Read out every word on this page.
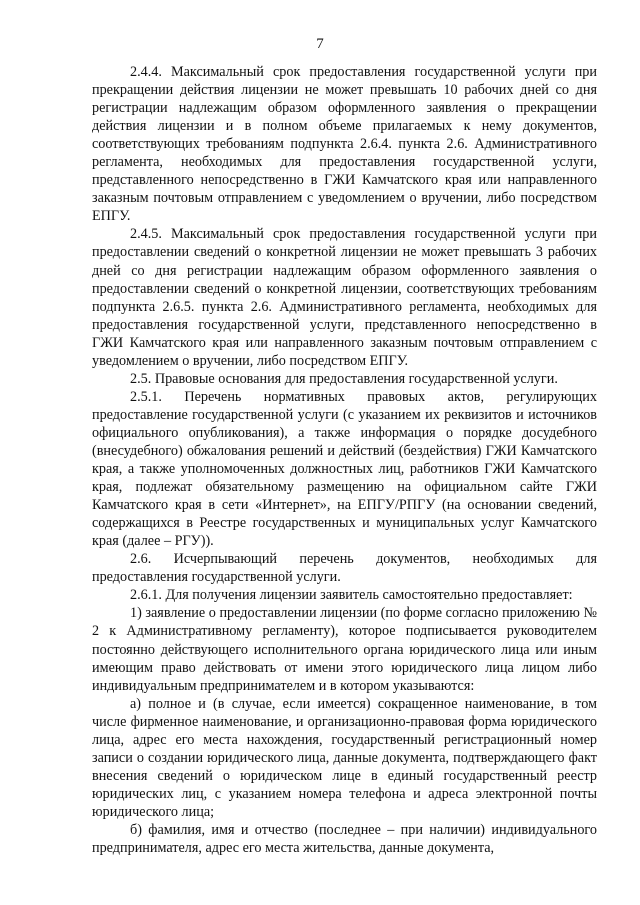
7

2.4.4. Максимальный срок предоставления государственной услуги при прекращении действия лицензии не может превышать 10 рабочих дней со дня регистрации надлежащим образом оформленного заявления о прекращении действия лицензии и в полном объеме прилагаемых к нему документов, соответствующих требованиям подпункта 2.6.4. пункта 2.6. Административного регламента, необходимых для предоставления государственной услуги, представленного непосредственно в ГЖИ Камчатского края или направленного заказным почтовым отправлением с уведомлением о вручении, либо посредством ЕПГУ.

2.4.5. Максимальный срок предоставления государственной услуги при предоставлении сведений о конкретной лицензии не может превышать 3 рабочих дней со дня регистрации надлежащим образом оформленного заявления о предоставлении сведений о конкретной лицензии, соответствующих требованиям подпункта 2.6.5. пункта 2.6. Административного регламента, необходимых для предоставления государственной услуги, представленного непосредственно в ГЖИ Камчатского края или направленного заказным почтовым отправлением с уведомлением о вручении, либо посредством ЕПГУ.

2.5. Правовые основания для предоставления государственной услуги.

2.5.1. Перечень нормативных правовых актов, регулирующих предоставление государственной услуги (с указанием их реквизитов и источников официального опубликования), а также информация о порядке досудебного (внесудебного) обжалования решений и действий (бездействия) ГЖИ Камчатского края, а также уполномоченных должностных лиц, работников ГЖИ Камчатского края, подлежат обязательному размещению на официальном сайте ГЖИ Камчатского края в сети «Интернет», на ЕПГУ/РПГУ (на основании сведений, содержащихся в Реестре государственных и муниципальных услуг Камчатского края (далее – РГУ)).

2.6. Исчерпывающий перечень документов, необходимых для предоставления государственной услуги.

2.6.1. Для получения лицензии заявитель самостоятельно предоставляет:

1) заявление о предоставлении лицензии (по форме согласно приложению № 2 к Административному регламенту), которое подписывается руководителем постоянно действующего исполнительного органа юридического лица или иным имеющим право действовать от имени этого юридического лица лицом либо индивидуальным предпринимателем и в котором указываются:

а) полное и (в случае, если имеется) сокращенное наименование, в том числе фирменное наименование, и организационно-правовая форма юридического лица, адрес его места нахождения, государственный регистрационный номер записи о создании юридического лица, данные документа, подтверждающего факт внесения сведений о юридическом лице в единый государственный реестр юридических лиц, с указанием номера телефона и адреса электронной почты юридического лица;

б) фамилия, имя и отчество (последнее – при наличии) индивидуального предпринимателя, адрес его места жительства, данные документа,
